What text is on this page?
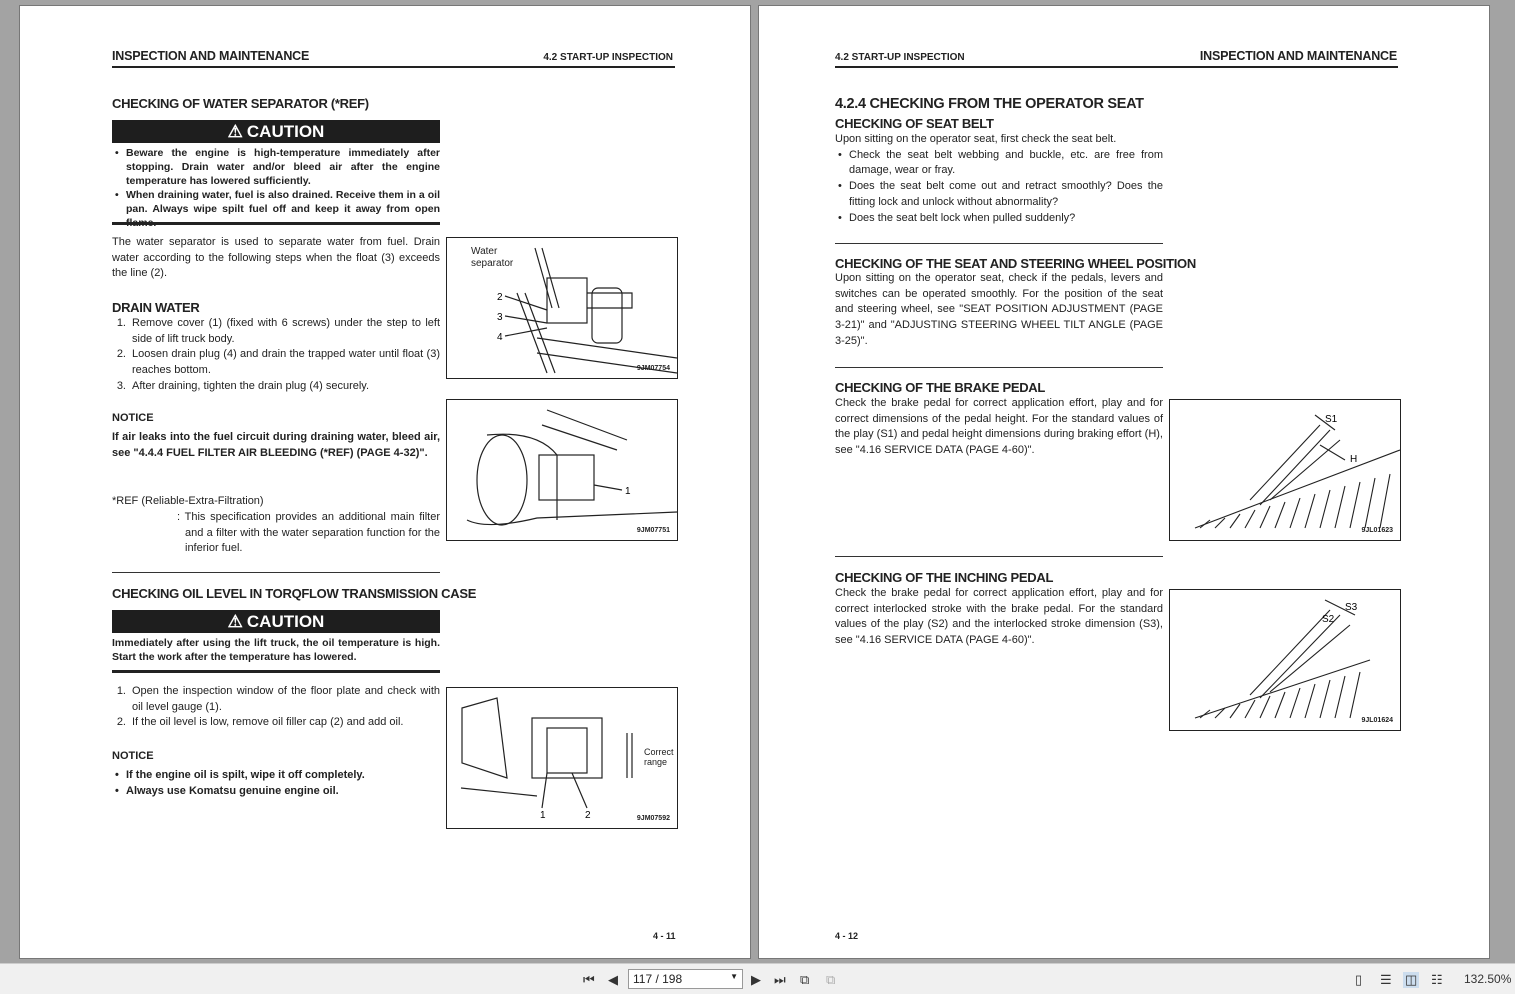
INSPECTION AND MAINTENANCE	4.2 START-UP INSPECTION
CHECKING OF WATER SEPARATOR (*REF)
⚠ CAUTION
• Beware the engine is high-temperature immediately after stopping. Drain water and/or bleed air after the engine temperature has lowered sufficiently.
• When draining water, fuel is also drained. Receive them in a oil pan. Always wipe spilt fuel off and keep it away from open
The water separator is used to separate water from fuel. Drain water according to the following steps when the float (3) exceeds the line (2).
DRAIN WATER
1. Remove cover (1) (fixed with 6 screws) under the step to left side of lift truck body.
2. Loosen drain plug (4) and drain the trapped water until float (3) reaches bottom.
3. After draining, tighten the drain plug (4) securely.
NOTICE
If air leaks into the fuel circuit during draining water, bleed air, see "4.4.4 FUEL FILTER AIR BLEEDING (*REF) (PAGE 4-32)".
*REF (Reliable-Extra-Filtration)
: This specification provides an additional main filter and a filter with the water separation function for the inferior fuel.
Water separator
2
3
4
9JM07754
1
9JM07751
CHECKING OIL LEVEL IN TORQFLOW TRANSMISSION CASE
⚠ CAUTION
Immediately after using the lift truck, the oil temperature is high. Start the work after the temperature has lowered.
1. Open the inspection window of the floor plate and check with oil level gauge (1).
2. If the oil level is low, remove oil filler cap (2) and add oil.
NOTICE
• If the engine oil is spilt, wipe it off completely.
• Always use Komatsu genuine engine oil.
1	2
Correct range
9JM07592
4 - 11
4.2 START-UP INSPECTION	INSPECTION AND MAINTENANCE
4.2.4 CHECKING FROM THE OPERATOR SEAT
CHECKING OF SEAT BELT
Upon sitting on the operator seat, first check the seat belt.
• Check the seat belt webbing and buckle, etc. are free from damage, wear or fray.
• Does the seat belt come out and retract smoothly? Does the fitting lock and unlock without abnormality?
• Does the seat belt lock when pulled suddenly?
CHECKING OF THE SEAT AND STEERING WHEEL POSITION
Upon sitting on the operator seat, check if the pedals, levers and switches can be operated smoothly. For the position of the seat and steering wheel, see "SEAT POSITION ADJUSTMENT (PAGE 3-21)" and "ADJUSTING STEERING WHEEL TILT ANGLE (PAGE 3-25)".
CHECKING OF THE BRAKE PEDAL
Check the brake pedal for correct application effort, play and for correct dimensions of the pedal height. For the standard values of the play (S1) and pedal height dimensions during braking effort (H), see "4.16 SERVICE DATA (PAGE 4-60)".
S1
H
9JL01623
CHECKING OF THE INCHING PEDAL
Check the brake pedal for correct application effort, play and for correct interlocked stroke with the brake pedal. For the standard values of the play (S2) and the interlocked stroke dimension (S3), see "4.16 SERVICE DATA (PAGE 4-60)".
S3
S2
9JL01624
4 - 12
⏮ ◀	117 / 198	▼ ▶ ⏭ ⧉ ⧉	▯ ☰ ◫ ☷ 132.50%
